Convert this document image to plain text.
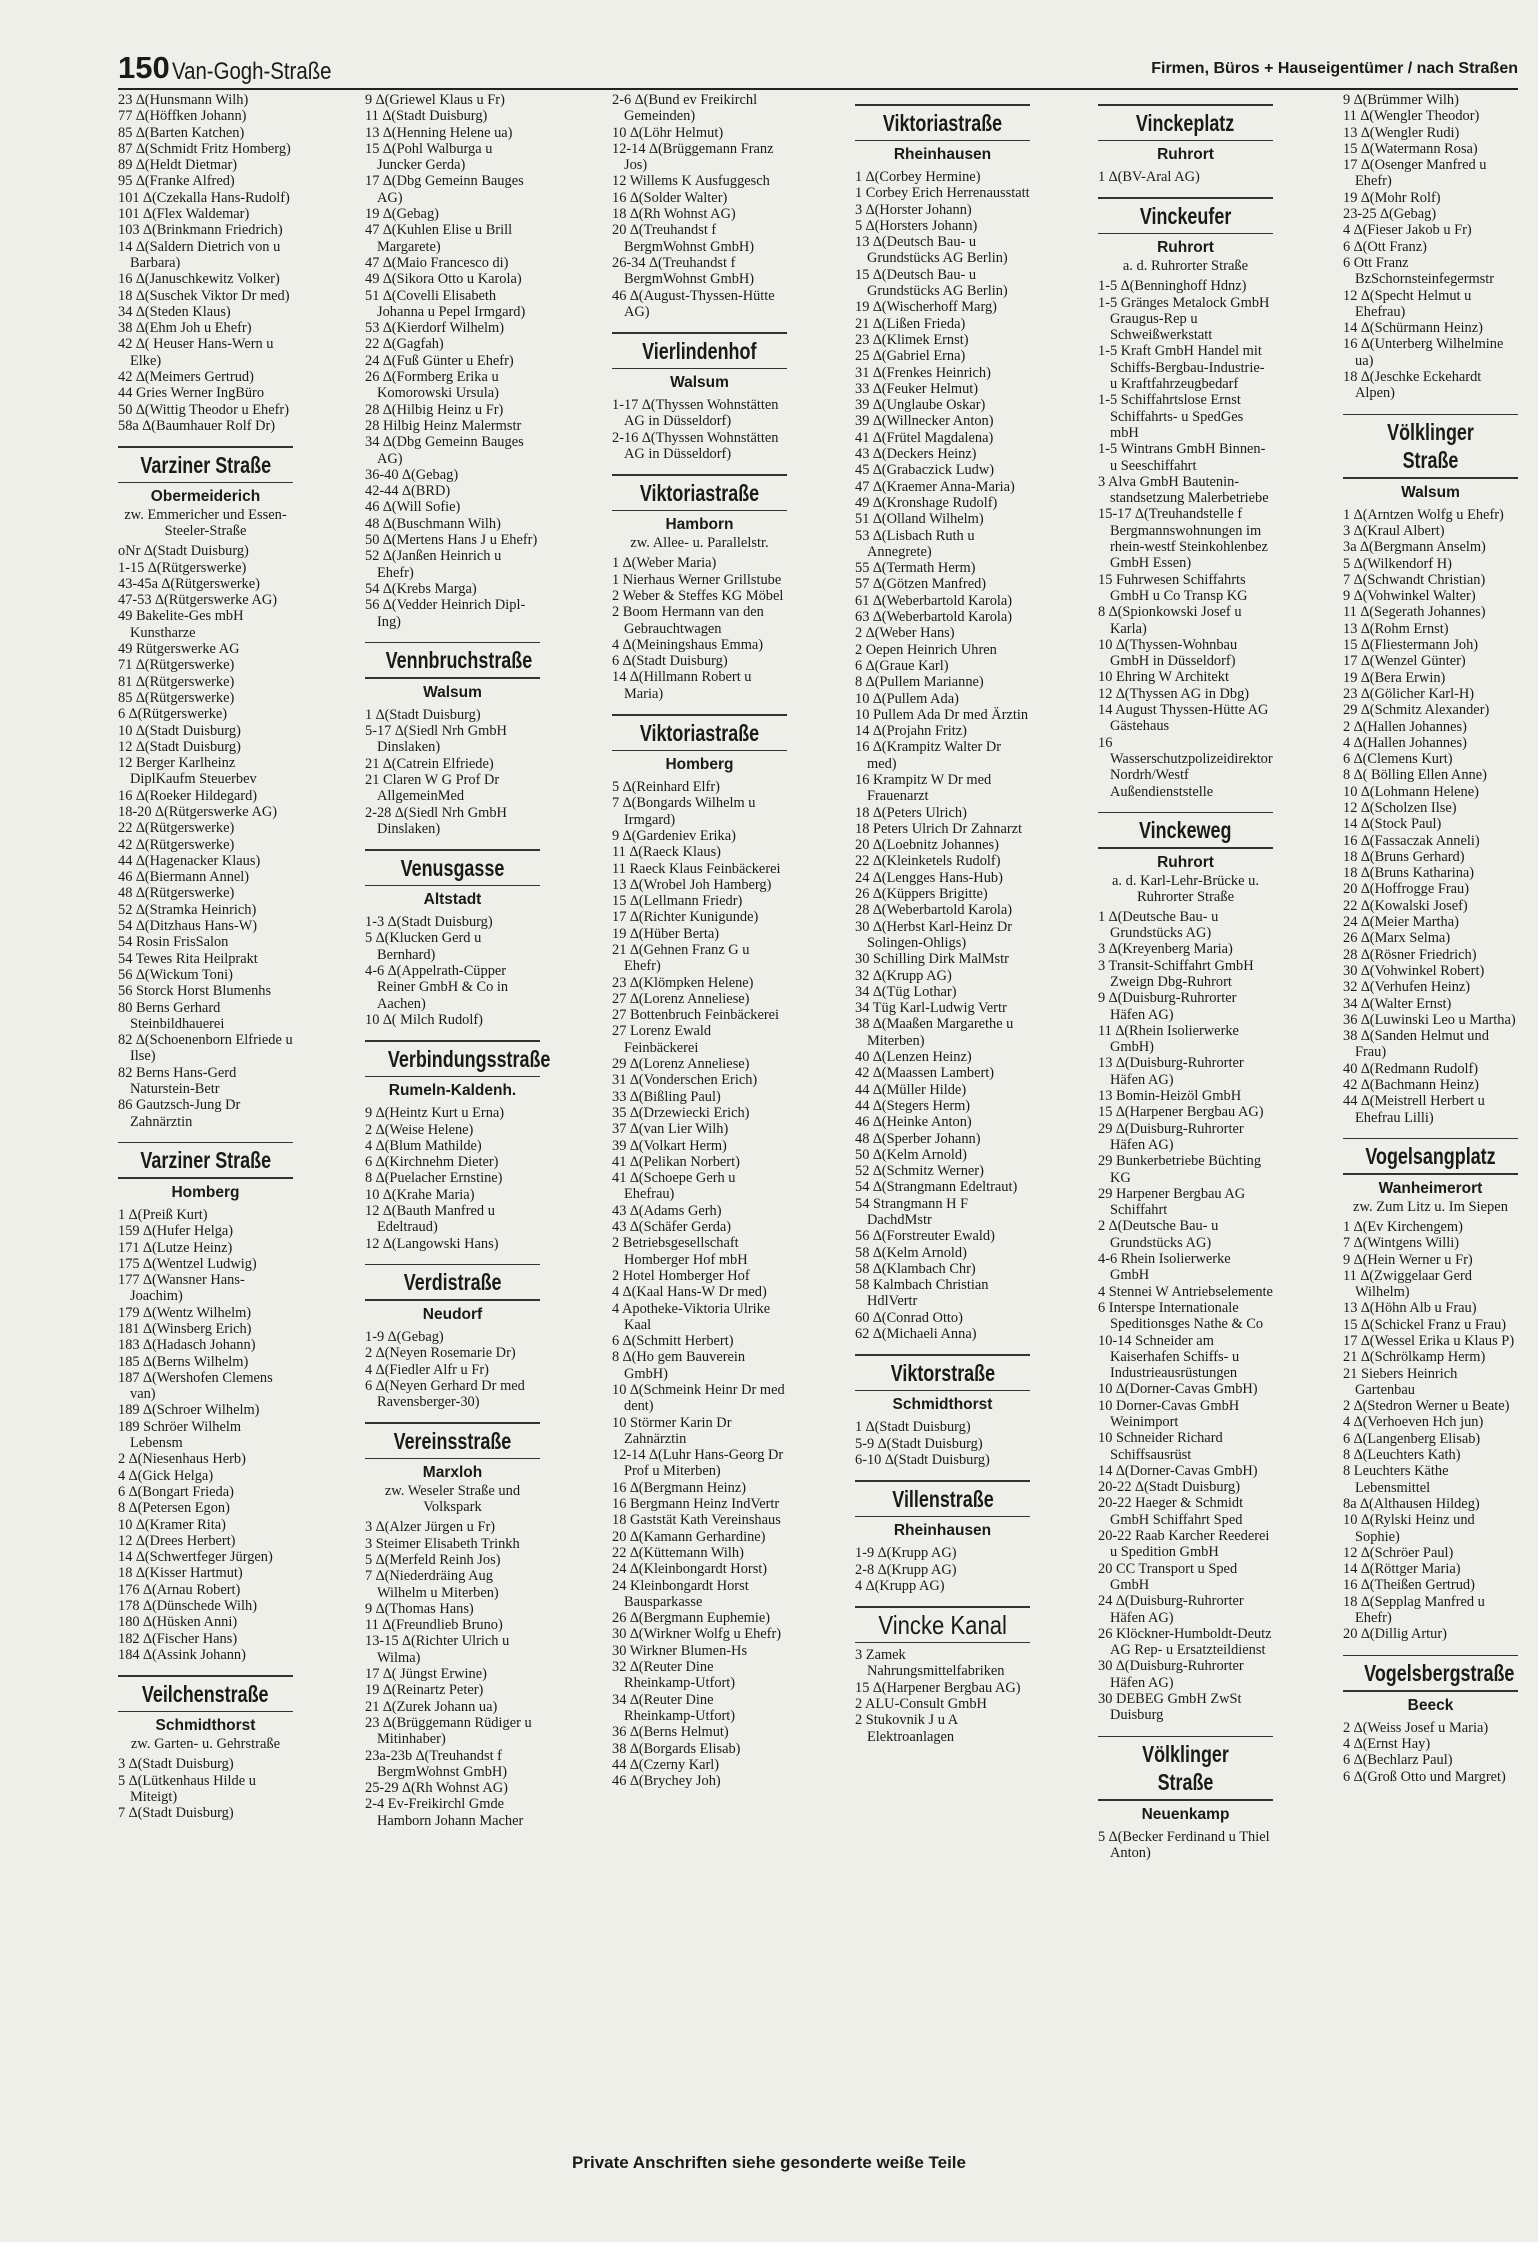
150 Van-Gogh-Straße	Firmen, Büros + Hauseigentümer / nach Straßen
23 ∆(Hunsmann Wilh)
77 ∆(Höffken Johann)
85 ∆(Barten Katchen)
87 ∆(Schmidt Fritz Homberg)
89 ∆(Heldt Dietmar)
95 ∆(Franke Alfred)
101 ∆(Czekalla Hans-Rudolf)
101 ∆(Flex Waldemar)
103 ∆(Brinkmann Friedrich)
14 ∆(Saldern Dietrich von u Barbara)
16 ∆(Januschkewitz Volker)
18 ∆(Suschek Viktor Dr med)
34 ∆(Steden Klaus)
38 ∆(Ehm Joh u Ehefr)
42 ∆( Heuser Hans-Wern u Elke)
42 ∆(Meimers Gertrud)
44 Gries Werner IngBüro
50 ∆(Wittig Theodor u Ehefr)
58a ∆(Baumhauer Rolf Dr)
Varziner Straße
Obermeiderich
zw. Emmericher und Essen-Steeler-Straße
oNr ∆(Stadt Duisburg)
1-15 ∆(Rütgerswerke)
43-45a ∆(Rütgerswerke)
47-53 ∆(Rütgerswerke AG)
49 Bakelite-Ges mbH Kunstharze
49 Rütgerswerke AG
71 ∆(Rütgerswerke)
81 ∆(Rütgerswerke)
85 ∆(Rütgerswerke)
6 ∆(Rütgerswerke)
10 ∆(Stadt Duisburg)
12 ∆(Stadt Duisburg)
12 Berger Karlheinz DiplKaufm Steuerbev
16 ∆(Roeker Hildegard)
18-20 ∆(Rütgerswerke AG)
22 ∆(Rütgerswerke)
42 ∆(Rütgerswerke)
44 ∆(Hagenacker Klaus)
46 ∆(Biermann Annel)
48 ∆(Rütgerswerke)
52 ∆(Stramka Heinrich)
54 ∆(Ditzhaus Hans-W)
54 Rosin FrisSalon
54 Tewes Rita Heilprakt
56 ∆(Wickum Toni)
56 Storck Horst Blumenhs
80 Berns Gerhard Steinbildhauerei
82 ∆(Schoenenborn Elfriede u Ilse)
82 Berns Hans-Gerd Naturstein-Betr
86 Gautzsch-Jung Dr Zahnärztin
Varziner Straße
Homberg
1 ∆(Preiß Kurt)
159 ∆(Hufer Helga)
171 ∆(Lutze Heinz)
175 ∆(Wentzel Ludwig)
177 ∆(Wansner Hans-Joachim)
179 ∆(Wentz Wilhelm)
181 ∆(Winsberg Erich)
183 ∆(Hadasch Johann)
185 ∆(Berns Wilhelm)
187 ∆(Wershofen Clemens van)
189 ∆(Schroer Wilhelm)
189 Schröer Wilhelm Lebensm
2 ∆(Niesenhaus Herb)
4 ∆(Gick Helga)
6 ∆(Bongart Frieda)
8 ∆(Petersen Egon)
10 ∆(Kramer Rita)
12 ∆(Drees Herbert)
14 ∆(Schwertfeger Jürgen)
18 ∆(Kisser Hartmut)
176 ∆(Arnau Robert)
178 ∆(Dünschede Wilh)
180 ∆(Hüsken Anni)
182 ∆(Fischer Hans)
184 ∆(Assink Johann)
Veilchenstraße
Schmidthorst
zw. Garten- u. Gehrstraße
3 ∆(Stadt Duisburg)
5 ∆(Lütkenhaus Hilde u Miteigt)
7 ∆(Stadt Duisburg)
9 ∆(Griewel Klaus u Fr)
11 ∆(Stadt Duisburg)
13 ∆(Henning Helene ua)
15 ∆(Pohl Walburga u Juncker Gerda)
17 ∆(Dbg Gemeinn Bauges AG)
19 ∆(Gebag)
47 ∆(Kuhlen Elise u Brill Margarete)
47 ∆(Maio Francesco di)
49 ∆(Sikora Otto u Karola)
51 ∆(Covelli Elisabeth Johanna u Pepel Irmgard)
53 ∆(Kierdorf Wilhelm)
22 ∆(Gagfah)
24 ∆(Fuß Günter u Ehefr)
26 ∆(Formberg Erika u Komorowski Ursula)
28 ∆(Hilbig Heinz u Fr)
28 Hilbig Heinz Malermstr
34 ∆(Dbg Gemeinn Bauges AG)
36-40 ∆(Gebag)
42-44 ∆(BRD)
46 ∆(Will Sofie)
48 ∆(Buschmann Wilh)
50 ∆(Mertens Hans J u Ehefr)
52 ∆(Janßen Heinrich u Ehefr)
54 ∆(Krebs Marga)
56 ∆(Vedder Heinrich Dipl-Ing)
Vennbruchstraße
Walsum
1 ∆(Stadt Duisburg)
5-17 ∆(Siedl Nrh GmbH Dinslaken)
21 ∆(Catrein Elfriede)
21 Claren W G Prof Dr AllgemeinMed
2-28 ∆(Siedl Nrh GmbH Dinslaken)
Venusgasse
Altstadt
1-3 ∆(Stadt Duisburg)
5 ∆(Klucken Gerd u Bernhard)
4-6 ∆(Appelrath-Cüpper Reiner GmbH & Co in Aachen)
10 ∆( Milch Rudolf)
Verbindungsstraße
Rumeln-Kaldenh.
9 ∆(Heintz Kurt u Erna)
2 ∆(Weise Helene)
4 ∆(Blum Mathilde)
6 ∆(Kirchnehm Dieter)
8 ∆(Puelacher Ernstine)
10 ∆(Krahe Maria)
12 ∆(Bauth Manfred u Edeltraud)
12 ∆(Langowski Hans)
Verdistraße
Neudorf
1-9 ∆(Gebag)
2 ∆(Neyen Rosemarie Dr)
4 ∆(Fiedler Alfr u Fr)
6 ∆(Neyen Gerhard Dr med Ravensberger-30)
Vereinsstraße
Marxloh
zw. Weseler Straße und Volkspark
3 ∆(Alzer Jürgen u Fr)
3 Steimer Elisabeth Trinkh
5 ∆(Merfeld Reinh Jos)
7 ∆(Niederdräing Aug Wilhelm u Miterben)
9 ∆(Thomas Hans)
11 ∆(Freundlieb Bruno)
13-15 ∆(Richter Ulrich u Wilma)
17 ∆( Jüngst Erwine)
19 ∆(Reinartz Peter)
21 ∆(Zurek Johann ua)
23 ∆(Brüggemann Rüdiger u Mitinhaber)
23a-23b ∆(Treuhandst f BergmWohnst GmbH)
25-29 ∆(Rh Wohnst AG)
2-4 Ev-Freikirchl Gmde Hamborn Johann Macher
2-6 ∆(Bund ev Freikirchl Gemeinden)
10 ∆(Löhr Helmut)
12-14 ∆(Brüggemann Franz Jos)
12 Willems K Ausfuggesch
16 ∆(Solder Walter)
18 ∆(Rh Wohnst AG)
20 ∆(Treuhandst f BergmWohnst GmbH)
26-34 ∆(Treuhandst f BergmWohnst GmbH)
46 ∆(August-Thyssen-Hütte AG)
Vierlindenhof
Walsum
1-17 ∆(Thyssen Wohnstätten AG in Düsseldorf)
2-16 ∆(Thyssen Wohnstätten AG in Düsseldorf)
Viktoriastraße
Hamborn
zw. Allee- u. Parallelstr.
1 ∆(Weber Maria)
1 Nierhaus Werner Grillstube
2 Weber & Steffes KG Möbel
2 Boom Hermann van den Gebrauchtwagen
4 ∆(Meiningshaus Emma)
6 ∆(Stadt Duisburg)
14 ∆(Hillmann Robert u Maria)
Viktoriastraße
Homberg
5 ∆(Reinhard Elfr)
7 ∆(Bongards Wilhelm u Irmgard)
9 ∆(Gardeniev Erika)
11 ∆(Raeck Klaus)
11 Raeck Klaus Feinbäckerei
13 ∆(Wrobel Joh Hamberg)
15 ∆(Lellmann Friedr)
17 ∆(Richter Kunigunde)
19 ∆(Hüber Berta)
21 ∆(Gehnen Franz G u Ehefr)
23 ∆(Klömpken Helene)
27 ∆(Lorenz Anneliese)
27 Bottenbruch Feinbäckerei
27 Lorenz Ewald Feinbäckerei
29 ∆(Lorenz Anneliese)
31 ∆(Vonderschen Erich)
33 ∆(Bißling Paul)
35 ∆(Drzewiecki Erich)
37 ∆(van Lier Wilh)
39 ∆(Volkart Herm)
41 ∆(Pelikan Norbert)
41 ∆(Schoepe Gerh u Ehefrau)
43 ∆(Adams Gerh)
43 ∆(Schäfer Gerda)
2 Betriebsgesellschaft Homberger Hof mbH
2 Hotel Homberger Hof
4 ∆(Kaal Hans-W Dr med)
4 Apotheke-Viktoria Ulrike Kaal
6 ∆(Schmitt Herbert)
8 ∆(Ho gem Bauverein GmbH)
10 ∆(Schmeink Heinr Dr med dent)
10 Störmer Karin Dr Zahnärztin
12-14 ∆(Luhr Hans-Georg Dr Prof u Miterben)
16 ∆(Bergmann Heinz)
16 Bergmann Heinz IndVertr
18 Gaststät Kath Vereinshaus
20 ∆(Kamann Gerhardine)
22 ∆(Küttemann Wilh)
24 ∆(Kleinbongardt Horst)
24 Kleinbongardt Horst Bausparkasse
26 ∆(Bergmann Euphemie)
30 ∆(Wirkner Wolfg u Ehefr)
30 Wirkner Blumen-Hs
32 ∆(Reuter Dine Rheinkamp-Utfort)
34 ∆(Reuter Dine Rheinkamp-Utfort)
36 ∆(Berns Helmut)
38 ∆(Borgards Elisab)
44 ∆(Czerny Karl)
46 ∆(Brychey Joh)
Viktoriastraße
Rheinhausen
1 ∆(Corbey Hermine)
1 Corbey Erich Herrenausstatt
3 ∆(Horster Johann)
5 ∆(Horsters Johann)
13 ∆(Deutsch Bau- u Grundstücks AG Berlin)
15 ∆(Deutsch Bau- u Grundstücks AG Berlin)
19 ∆(Wischerhoff Marg)
21 ∆(Lißen Frieda)
23 ∆(Klimek Ernst)
25 ∆(Gabriel Erna)
31 ∆(Frenkes Heinrich)
33 ∆(Feuker Helmut)
39 ∆(Unglaube Oskar)
39 ∆(Willnecker Anton)
41 ∆(Frütel Magdalena)
43 ∆(Deckers Heinz)
45 ∆(Grabaczick Ludw)
47 ∆(Kraemer Anna-Maria)
49 ∆(Kronshage Rudolf)
51 ∆(Olland Wilhelm)
53 ∆(Lisbach Ruth u Annegrete)
55 ∆(Termath Herm)
57 ∆(Götzen Manfred)
61 ∆(Weberbartold Karola)
63 ∆(Weberbartold Karola)
2 ∆(Weber Hans)
2 Oepen Heinrich Uhren
6 ∆(Graue Karl)
8 ∆(Pullem Marianne)
10 ∆(Pullem Ada)
10 Pullem Ada Dr med Ärztin
14 ∆(Projahn Fritz)
16 ∆(Krampitz Walter Dr med)
16 Krampitz W Dr med Frauenarzt
18 ∆(Peters Ulrich)
18 Peters Ulrich Dr Zahnarzt
20 ∆(Loebnitz Johannes)
22 ∆(Kleinketels Rudolf)
24 ∆(Lengges Hans-Hub)
26 ∆(Küppers Brigitte)
28 ∆(Weberbartold Karola)
30 ∆(Herbst Karl-Heinz Dr Solingen-Ohligs)
30 Schilling Dirk MalMstr
32 ∆(Krupp AG)
34 ∆(Tüg Lothar)
34 Tüg Karl-Ludwig Vertr
38 ∆(Maaßen Margarethe u Miterben)
40 ∆(Lenzen Heinz)
42 ∆(Maassen Lambert)
44 ∆(Müller Hilde)
44 ∆(Stegers Herm)
46 ∆(Heinke Anton)
48 ∆(Sperber Johann)
50 ∆(Kelm Arnold)
52 ∆(Schmitz Werner)
54 ∆(Strangmann Edeltraut)
54 Strangmann H F DachdMstr
56 ∆(Forstreuter Ewald)
58 ∆(Kelm Arnold)
58 ∆(Klambach Chr)
58 Kalmbach Christian HdlVertr
60 ∆(Conrad Otto)
62 ∆(Michaeli Anna)
Viktorstraße
Schmidthorst
1 ∆(Stadt Duisburg)
5-9 ∆(Stadt Duisburg)
6-10 ∆(Stadt Duisburg)
Villenstraße
Rheinhausen
1-9 ∆(Krupp AG)
2-8 ∆(Krupp AG)
4 ∆(Krupp AG)
Vincke Kanal
3 Zamek Nahrungsmittelfabriken
15 ∆(Harpener Bergbau AG)
2 ALU-Consult GmbH
2 Stukovnik J u A Elektroanlagen
Vinckeplatz
Ruhrort
1 ∆(BV-Aral AG)
Vinckeufer
Ruhrort
a. d. Ruhrorter Straße
1-5 ∆(Benninghoff Hdnz)
1-5 Gränges Metalock GmbH Graugus-Rep u Schweißwerkstatt
1-5 Kraft GmbH Handel mit Schiffs-Bergbau-Industrie- u Kraftfahrzeugbedarf
1-5 Schiffahrtslose Ernst Schiffahrts- u SpedGes mbH
1-5 Wintrans GmbH Binnen- u Seeschiffahrt
3 Alva GmbH Bautenin-standsetzung Malerbetriebe
15-17 ∆(Treuhandstelle f Bergmannswohnungen im rhein-westf Steinkohlenbez GmbH Essen)
15 Fuhrwesen Schiffahrts GmbH u Co Transp KG
8 ∆(Spionkowski Josef u Karla)
10 ∆(Thyssen-Wohnbau GmbH in Düsseldorf)
10 Ehring W Architekt
12 ∆(Thyssen AG in Dbg)
14 August Thyssen-Hütte AG Gästehaus
16 Wasserschutzpolizeidirektor Nordrh/Westf Außendienststelle
Vinckeweg
Ruhrort
a. d. Karl-Lehr-Brücke u. Ruhrorter Straße
1 ∆(Deutsche Bau- u Grundstücks AG)
3 ∆(Kreyenberg Maria)
3 Transit-Schiffahrt GmbH Zweign Dbg-Ruhrort
9 ∆(Duisburg-Ruhrorter Häfen AG)
11 ∆(Rhein Isolierwerke GmbH)
13 ∆(Duisburg-Ruhrorter Häfen AG)
13 Bomin-Heizöl GmbH
15 ∆(Harpener Bergbau AG)
29 ∆(Duisburg-Ruhrorter Häfen AG)
29 Bunkerbetriebe Büchting KG
29 Harpener Bergbau AG Schiffahrt
2 ∆(Deutsche Bau- u Grundstücks AG)
4-6 Rhein Isolierwerke GmbH
4 Stennei W Antriebselemente
6 Interspe Internationale Speditionsges Nathe & Co
10-14 Schneider am Kaiserhafen Schiffs- u Industrieausrüstungen
10 ∆(Dorner-Cavas GmbH)
10 Dorner-Cavas GmbH Weinimport
10 Schneider Richard Schiffsausrüst
14 ∆(Dorner-Cavas GmbH)
20-22 ∆(Stadt Duisburg)
20-22 Haeger & Schmidt GmbH Schiffahrt Sped
20-22 Raab Karcher Reederei u Spedition GmbH
20 CC Transport u Sped GmbH
24 ∆(Duisburg-Ruhrorter Häfen AG)
26 Klöckner-Humboldt-Deutz AG Rep- u Ersatzteildienst
30 ∆(Duisburg-Ruhrorter Häfen AG)
30 DEBEG GmbH ZwSt Duisburg
Völklinger Straße
Neuenkamp
5 ∆(Becker Ferdinand u Thiel Anton)
9 ∆(Brümmer Wilh)
11 ∆(Wengler Theodor)
13 ∆(Wengler Rudi)
15 ∆(Watermann Rosa)
17 ∆(Osenger Manfred u Ehefr)
19 ∆(Mohr Rolf)
23-25 ∆(Gebag)
4 ∆(Fieser Jakob u Fr)
6 ∆(Ott Franz)
6 Ott Franz BzSchornsteinfegermstr
12 ∆(Specht Helmut u Ehefrau)
14 ∆(Schürmann Heinz)
16 ∆(Unterberg Wilhelmine ua)
18 ∆(Jeschke Eckehardt Alpen)
Völklinger Straße
Walsum
1 ∆(Arntzen Wolfg u Ehefr)
3 ∆(Kraul Albert)
3a ∆(Bergmann Anselm)
5 ∆(Wilkendorf H)
7 ∆(Schwandt Christian)
9 ∆(Vohwinkel Walter)
11 ∆(Segerath Johannes)
13 ∆(Rohm Ernst)
15 ∆(Fliestermann Joh)
17 ∆(Wenzel Günter)
19 ∆(Bera Erwin)
23 ∆(Gölicher Karl-H)
29 ∆(Schmitz Alexander)
2 ∆(Hallen Johannes)
4 ∆(Hallen Johannes)
6 ∆(Clemens Kurt)
8 ∆( Bölling Ellen Anne)
10 ∆(Lohmann Helene)
12 ∆(Scholzen Ilse)
14 ∆(Stock Paul)
16 ∆(Fassaczak Anneli)
18 ∆(Bruns Gerhard)
18 ∆(Bruns Katharina)
20 ∆(Hoffrogge Frau)
22 ∆(Kowalski Josef)
24 ∆(Meier Martha)
26 ∆(Marx Selma)
28 ∆(Rösner Friedrich)
30 ∆(Vohwinkel Robert)
32 ∆(Verhufen Heinz)
34 ∆(Walter Ernst)
36 ∆(Luwinski Leo u Martha)
38 ∆(Sanden Helmut und Frau)
40 ∆(Redmann Rudolf)
42 ∆(Bachmann Heinz)
44 ∆(Meistrell Herbert u Ehefrau Lilli)
Vogelsangplatz
Wanheimerort
zw. Zum Litz u. Im Siepen
1 ∆(Ev Kirchengem)
7 ∆(Wintgens Willi)
9 ∆(Hein Werner u Fr)
11 ∆(Zwiggelaar Gerd Wilhelm)
13 ∆(Höhn Alb u Frau)
15 ∆(Schickel Franz u Frau)
17 ∆(Wessel Erika u Klaus P)
21 ∆(Schrölkamp Herm)
21 Siebers Heinrich Gartenbau
2 ∆(Stedron Werner u Beate)
4 ∆(Verhoeven Hch jun)
6 ∆(Langenberg Elisab)
8 ∆(Leuchters Kath)
8 Leuchters Käthe Lebensmittel
8a ∆(Althausen Hildeg)
10 ∆(Rylski Heinz und Sophie)
12 ∆(Schröer Paul)
14 ∆(Röttger Maria)
16 ∆(Theißen Gertrud)
18 ∆(Sepplag Manfred u Ehefr)
20 ∆(Dillig Artur)
Vogelsbergstraße
Beeck
2 ∆(Weiss Josef u Maria)
4 ∆(Ernst Hay)
6 ∆(Bechlarz Paul)
6 ∆(Groß Otto und Margret)
Private Anschriften siehe gesonderte weiße Teile
